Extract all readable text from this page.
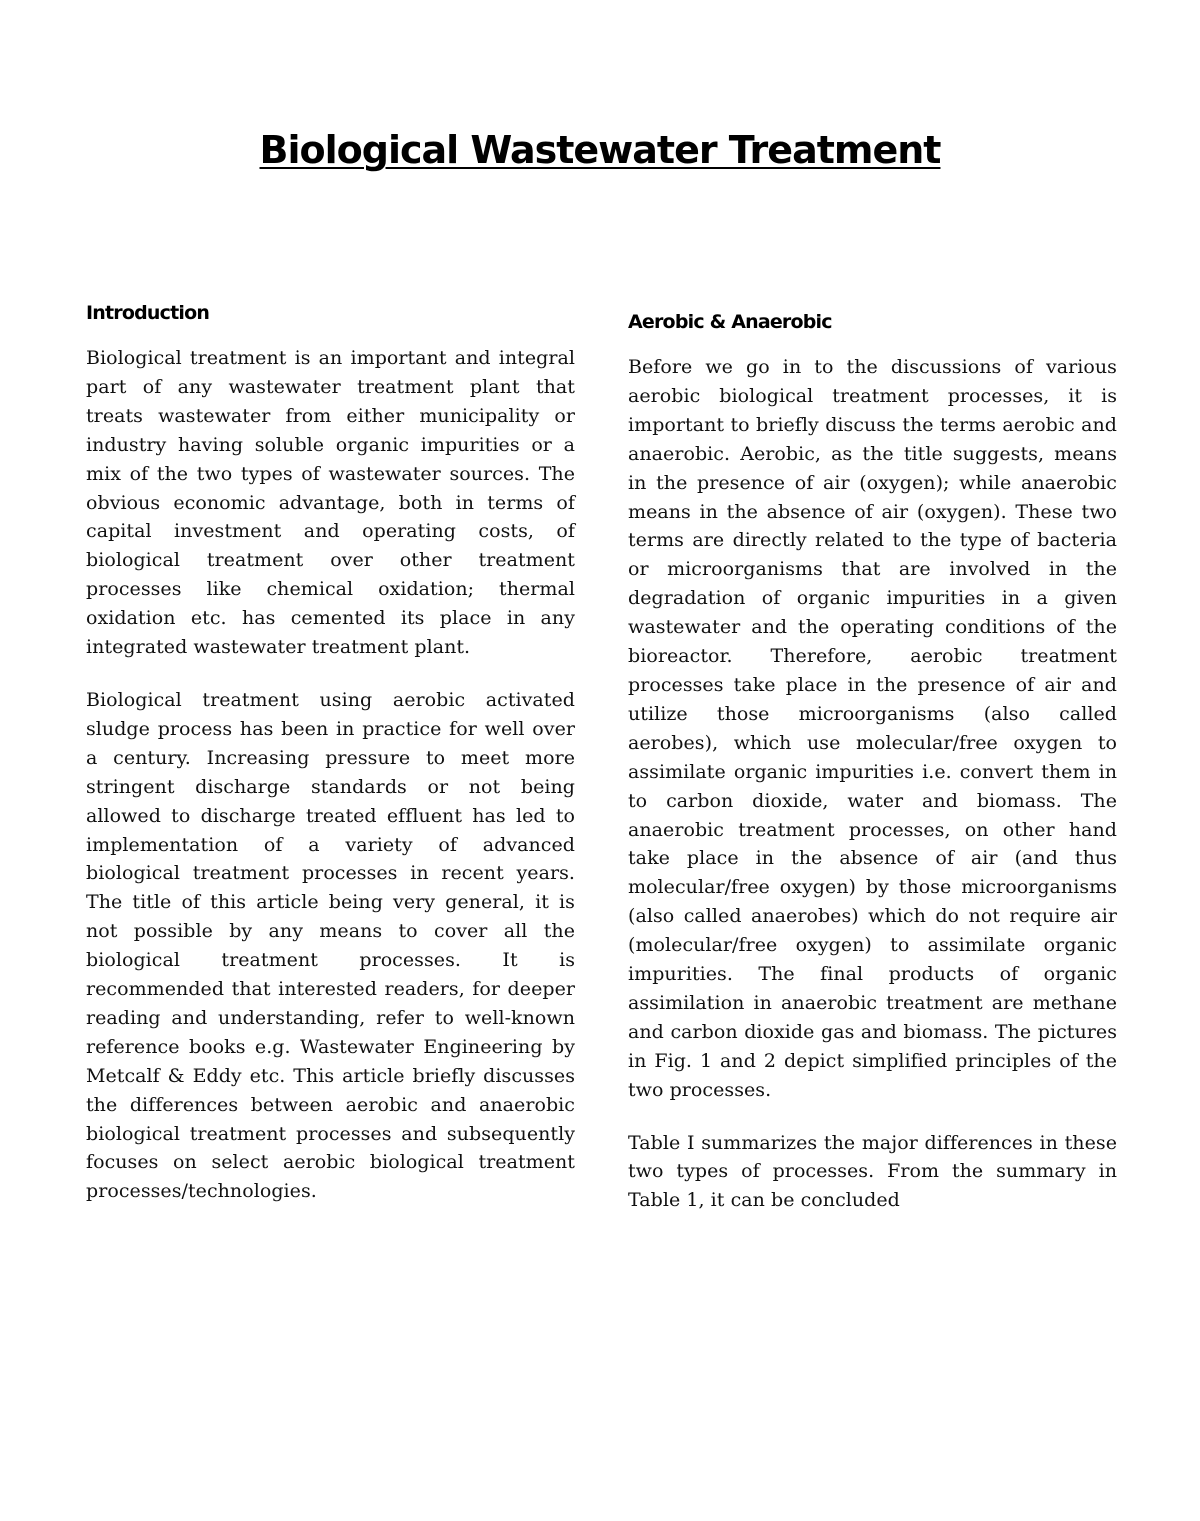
Biological Wastewater Treatment
Introduction

Biological treatment is an important and integral part of any wastewater treatment plant that treats wastewater from either municipality or industry having soluble organic impurities or a mix of the two types of wastewater sources. The obvious economic advantage, both in terms of capital investment and operating costs, of biological treatment over other treatment processes like chemical oxidation; thermal oxidation etc. has cemented its place in any integrated wastewater treatment plant.

Biological treatment using aerobic activated sludge process has been in practice for well over a century. Increasing pressure to meet more stringent discharge standards or not being allowed to discharge treated effluent has led to implementation of a variety of advanced biological treatment processes in recent years. The title of this article being very general, it is not possible by any means to cover all the biological treatment processes. It is recommended that interested readers, for deeper reading and understanding, refer to well-known reference books e.g. Wastewater Engineering by Metcalf & Eddy etc. This article briefly discusses the differences between aerobic and anaerobic biological treatment processes and subsequently focuses on select aerobic biological treatment processes/technologies.

Aerobic & Anaerobic

Before we go in to the discussions of various aerobic biological treatment processes, it is important to briefly discuss the terms aerobic and anaerobic. Aerobic, as the title suggests, means in the presence of air (oxygen); while anaerobic means in the absence of air (oxygen). These two terms are directly related to the type of bacteria or microorganisms that are involved in the degradation of organic impurities in a given wastewater and the operating conditions of the bioreactor. Therefore, aerobic treatment processes take place in the presence of air and utilize those microorganisms (also called aerobes), which use molecular/free oxygen to assimilate organic impurities i.e. convert them in to carbon dioxide, water and biomass. The anaerobic treatment processes, on other hand take place in the absence of air (and thus molecular/free oxygen) by those microorganisms (also called anaerobes) which do not require air (molecular/free oxygen) to assimilate organic impurities. The final products of organic assimilation in anaerobic treatment are methane and carbon dioxide gas and biomass. The pictures in Fig. 1 and 2 depict simplified principles of the two processes.

Table I summarizes the major differences in these two types of processes. From the summary in Table 1, it can be concluded
